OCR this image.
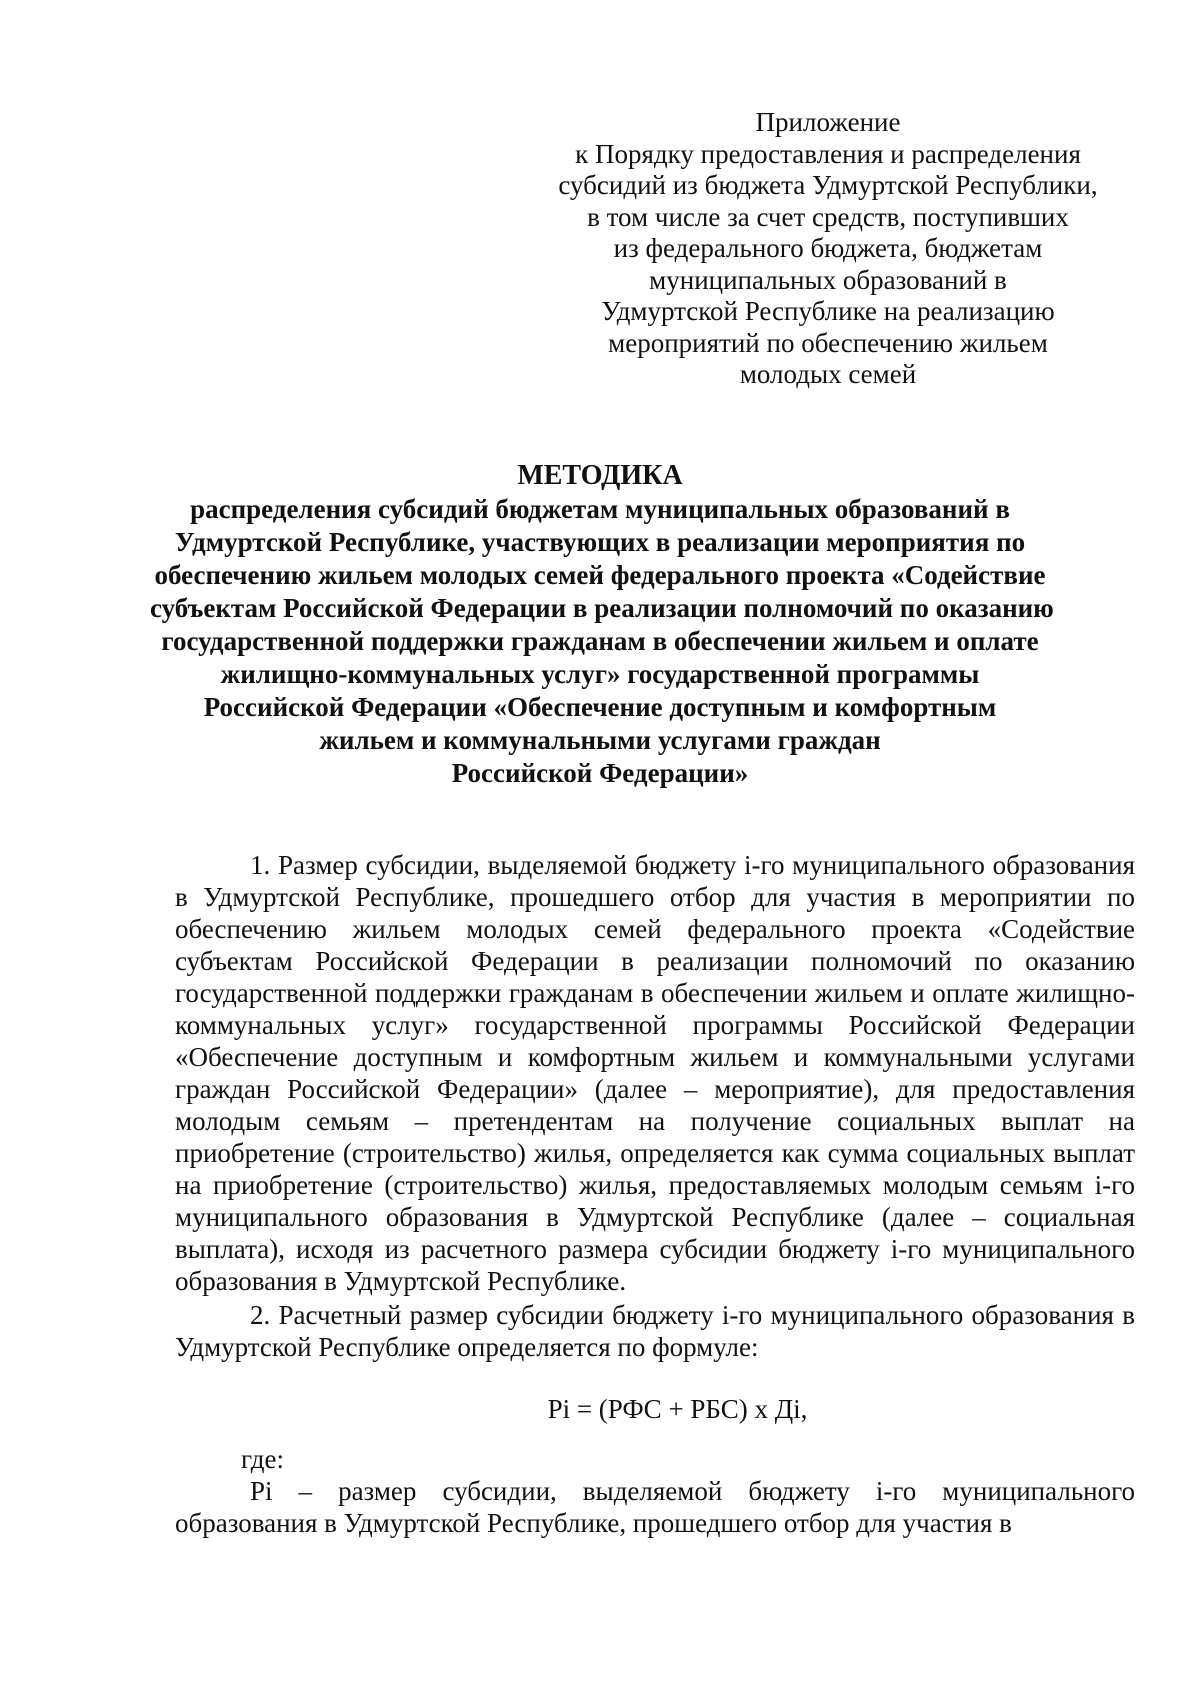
Приложение
к Порядку предоставления и распределения
субсидий из бюджета Удмуртской Республики,
в том числе за счет средств, поступивших
из федерального бюджета, бюджетам
муниципальных образований в
Удмуртской Республике на реализацию
мероприятий по обеспечению жильем
молодых семей
МЕТОДИКА
распределения субсидий бюджетам муниципальных образований в
Удмуртской Республике, участвующих в реализации мероприятия по
обеспечению жильем молодых семей федерального проекта «Содействие
субъектам Российской Федерации в реализации полномочий по оказанию
государственной поддержки гражданам в обеспечении жильем и оплате
жилищно-коммунальных услуг» государственной программы
Российской Федерации «Обеспечение доступным и комфортным
жильем и коммунальными услугами граждан
Российской Федерации»

1. Размер субсидии, выделяемой бюджету i-го муниципального образования в Удмуртской Республике, прошедшего отбор для участия в мероприятии по обеспечению жильем молодых семей федерального проекта «Содействие субъектам Российской Федерации в реализации полномочий по оказанию государственной поддержки гражданам в обеспечении жильем и оплате жилищно-коммунальных услуг» государственной программы Российской Федерации «Обеспечение доступным и комфортным жильем и коммунальными услугами граждан Российской Федерации» (далее – мероприятие), для предоставления молодым семьям – претендентам на получение социальных выплат на приобретение (строительство) жилья, определяется как сумма социальных выплат на приобретение (строительство) жилья, предоставляемых молодым семьям i-го муниципального образования в Удмуртской Республике (далее – социальная выплата), исходя из расчетного размера субсидии бюджету i-го муниципального образования в Удмуртской Республике.

2. Расчетный размер субсидии бюджету i-го муниципального образования в Удмуртской Республике определяется по формуле:

Pi = (РФС + РБС) х Дi,

где:

Pi – размер субсидии, выделяемой бюджету i-го муниципального образования в Удмуртской Республике, прошедшего отбор для участия в
